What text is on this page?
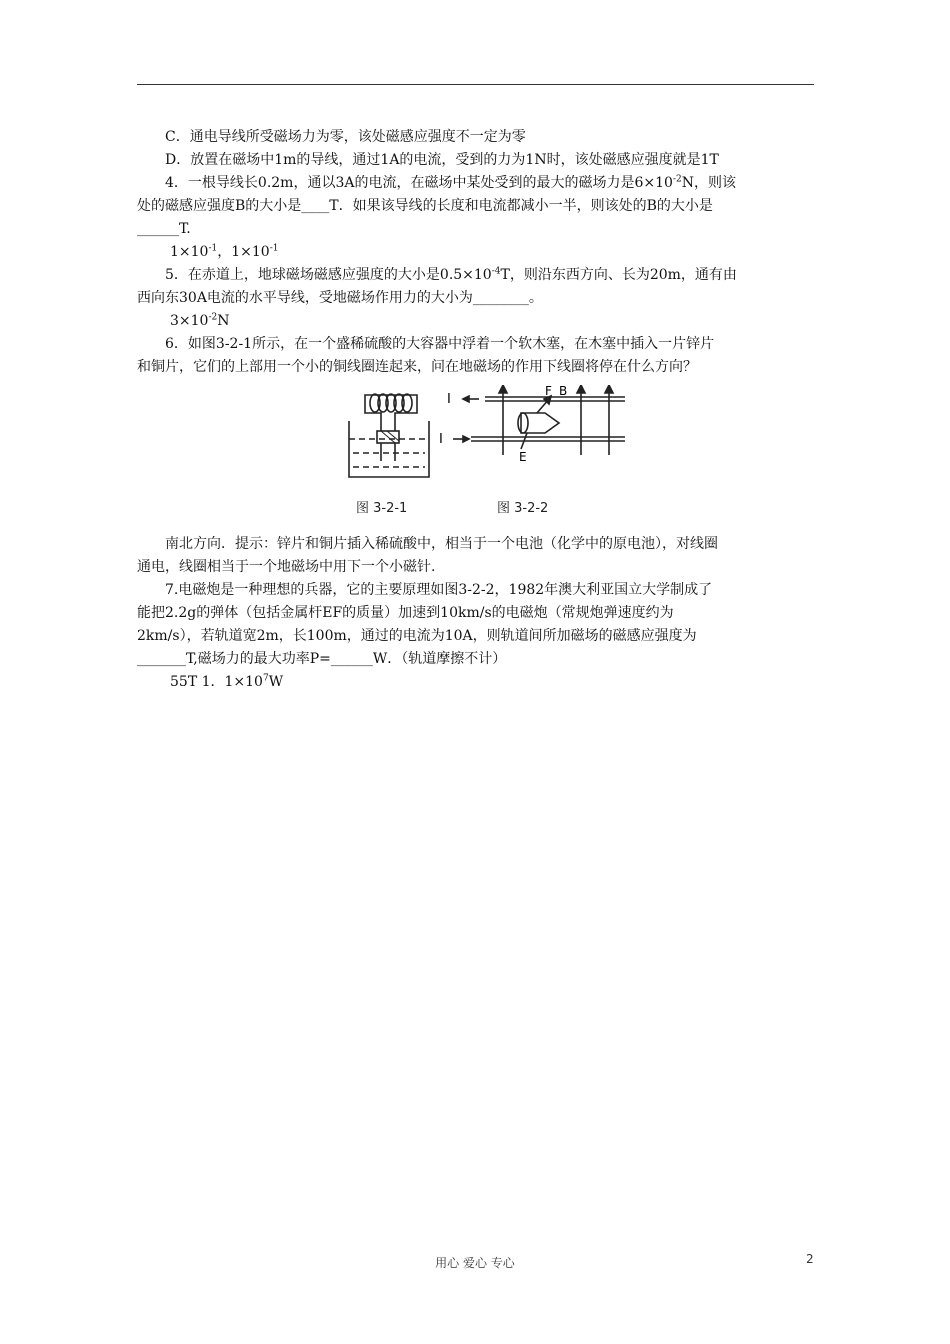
C．通电导线所受磁场力为零，该处磁感应强度不一定为零

D．放置在磁场中1m的导线，通过1A的电流，受到的力为1N时，该处磁感应强度就是1T

4．一根导线长0.2m，通以3A的电流，在磁场中某处受到的最大的磁场力是$6\times 10^{-2}N$，则该

处的磁感应强度B的大小是____T．如果该导线的长度和电流都减小一半，则该处的B的大小是

______T.

$1\times 10^{-1}$，$1\times 10^{-1}$

5．在赤道上，地球磁场磁感应强度的大小是$0.5\times 10^{-4}T$，则沿东西方向、长为20m，通有由

西向东30A电流的水平导线，受地磁场作用力的大小为________。

$3\times 10^{-2}N$

6．如图3-2-1所示，在一个盛稀硫酸的大容器中浮着一个软木塞，在木塞中插入一片锌片

和铜片，它们的上部用一个小的铜线圈连起来，问在地磁场的作用下线圈将停在什么方向？

I
I
F B
E
图 3-2-1	图 3-2-2

南北方向．提示：锌片和铜片插入稀硫酸中，相当于一个电池（化学中的原电池），对线圈

通电，线圈相当于一个地磁场中用下一个小磁针.

7.电磁炮是一种理想的兵器，它的主要原理如图3-2-2，1982年澳大利亚国立大学制成了

能把2.2g的弹体（包括金属杆EF的质量）加速到10km/s的电磁炮（常规炮弹速度约为

2km/s），若轨道宽2m，长100m，通过的电流为10A，则轨道间所加磁场的磁感应强度为

_______T,磁场力的最大功率P=______W．（轨道摩擦不计）

55T 1．$1\times 10^7W$

用心 爱心 专心	2
